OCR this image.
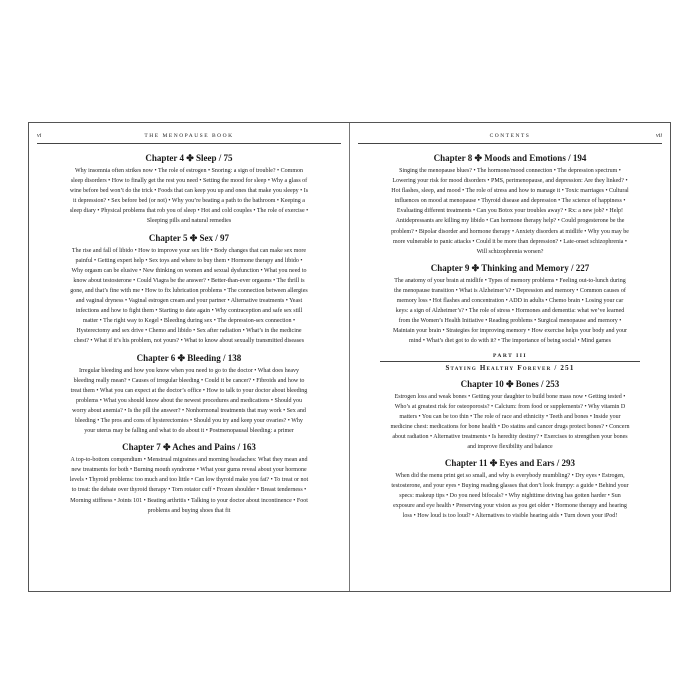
vi	THE MENOPAUSE BOOK
Chapter 4 ✤ Sleep / 75

Why insomnia often strikes now • The role of estrogen • Snoring: a sign of trouble? • Common sleep disorders • How to finally get the rest you need • Setting the mood for sleep • Why a glass of wine before bed won’t do the trick • Foods that can keep you up and ones that make you sleepy • Is it depression? • Sex before bed (or not) • Why you’re beating a path to the bathroom • Keeping a sleep diary • Physical problems that rob you of sleep • Hot and cold couples • The role of exercise • Sleeping pills and natural remedies

Chapter 5 ✤ Sex / 97

The rise and fall of libido • How to improve your sex life • Body changes that can make sex more painful • Getting expert help • Sex toys and where to buy them • Hormone therapy and libido • Why orgasm can be elusive • New thinking on women and sexual dysfunction • What you need to know about testosterone • Could Viagra be the answer? • Better-than-ever orgasms • The thrill is gone, and that’s fine with me • How to fix lubrication problems • The connection between allergies and vaginal dryness • Vaginal estrogen cream and your partner • Alternative treatments • Yeast infections and how to fight them • Starting to date again • Why contraception and safe sex still matter • The right way to Kegel • Bleeding during sex • The depression-sex connection • Hysterectomy and sex drive • Chemo and libido • Sex after radiation • What’s in the medicine chest? • What if it’s his problem, not yours? • What to know about sexually transmitted diseases

Chapter 6 ✤ Bleeding / 138

Irregular bleeding and how you know when you need to go to the doctor • What does heavy bleeding really mean? • Causes of irregular bleeding • Could it be cancer? • Fibroids and how to treat them • What you can expect at the doctor’s office • How to talk to your doctor about bleeding problems • What you should know about the newest procedures and medications • Should you worry about anemia? • Is the pill the answer? • Nonhormonal treatments that may work • Sex and bleeding • The pros and cons of hysterectomies • Should you try and keep your ovaries? • Why your uterus may be falling and what to do about it • Postmenopausal bleeding: a primer

Chapter 7 ✤ Aches and Pains / 163

A top-to-bottom compendium • Menstrual migraines and morning headaches: What they mean and new treatments for both • Burning mouth syndrome • What your gums reveal about your hormone levels • Thyroid problems: too much and too little • Can low thyroid make you fat? • To treat or not to treat: the debate over thyroid therapy • Torn rotator cuff • Frozen shoulder • Breast tenderness • Morning stiffness • Joints 101 • Beating arthritis • Talking to your doctor about incontinence • Foot problems and buying shoes that fit

CONTENTS	vii
Chapter 8 ✤ Moods and Emotions / 194

Singing the menopause blues? • The hormone/mood connection • The depression spectrum • Lowering your risk for mood disorders • PMS, perimenopause, and depression: Are they linked? • Hot flashes, sleep, and mood • The role of stress and how to manage it • Toxic marriages • Cultural influences on mood at menopause • Thyroid disease and depression • The science of happiness • Evaluating different treatments • Can you Botox your troubles away? • Rx: a new job? • Help! Antidepressants are killing my libido • Can hormone therapy help? • Could progesterone be the problem? • Bipolar disorder and hormone therapy • Anxiety disorders at midlife • Why you may be more vulnerable to panic attacks • Could it be more than depression? • Late-onset schizophrenia • Will schizophrenia worsen?

Chapter 9 ✤ Thinking and Memory / 227

The anatomy of your brain at midlife • Types of memory problems • Feeling out-to-lunch during the menopause transition • What is Alzheimer’s? • Depression and memory • Common causes of memory loss • Hot flashes and concentration • ADD in adults • Chemo brain • Losing your car keys: a sign of Alzheimer’s? • The role of stress • Hormones and dementia: what we’ve learned from the Women’s Health Initiative • Reading problems • Surgical menopause and memory • Maintain your brain • Strategies for improving memory • How exercise helps your body and your mind • What’s diet got to do with it? • The importance of being social • Mind games

PART III
Staying Healthy Forever / 251
Chapter 10 ✤ Bones / 253

Estrogen loss and weak bones • Getting your daughter to build bone mass now • Getting tested • Who’s at greatest risk for osteoporosis? • Calcium: from food or supplements? • Why vitamin D matters • You can be too thin • The role of race and ethnicity • Teeth and bones • Inside your medicine chest: medications for bone health • Do statins and cancer drugs protect bones? • Concern about radiation • Alternative treatments • Is heredity destiny? • Exercises to strengthen your bones and improve flexibility and balance

Chapter 11 ✤ Eyes and Ears / 293

When did the menu print get so small, and why is everybody mumbling? • Dry eyes • Estrogen, testosterone, and your eyes • Buying reading glasses that don’t look frumpy: a guide • Behind your specs: makeup tips • Do you need bifocals? • Why nighttime driving has gotten harder • Sun exposure and eye health • Preserving your vision as you get older • Hormone therapy and hearing loss • How loud is too loud? • Alternatives to visible hearing aids • Turn down your iPod!
